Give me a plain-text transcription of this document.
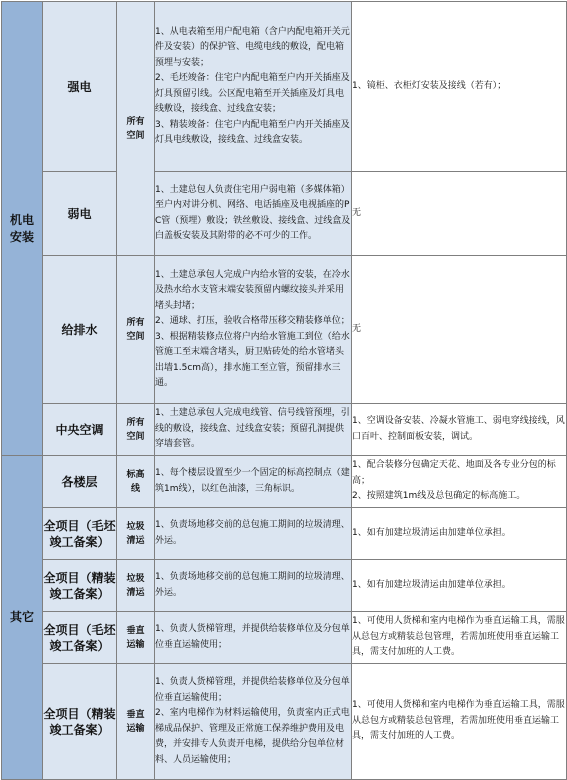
机电安装	强电	所有空间	1、从电表箱至用户配电箱（含户内配电箱开关元件及安装）的保护管、电缆电线的敷设，配电箱预埋与安装；
2、毛坯竣备：住宅户内配电箱至户内开关插座及灯具预留引线。公区配电箱至开关插座及灯具电线敷设，接线盒、过线盒安装；
3、精装竣备：住宅户内配电箱至户内开关插座及灯具电线敷设，接线盒、过线盒安装。	1、镜柜、衣柜灯安装及接线（若有）；
	弱电		1、土建总包人负责住宅用户弱电箱（多媒体箱）至户内对讲分机、网络、电话插座及电视插座的PC管（预埋）敷设；铁丝敷设、接线盒、过线盒及白盖板安装及其附带的必不可少的工作。	无
	给排水	所有空间	1、土建总承包人完成户内给水管的安装，在冷水及热水给水支管末端安装预留内螺纹接头并采用堵头封堵；
2、通球、打压，验收合格带压移交精装修单位；
3、根据精装修点位将户内给水管施工到位（给水管施工至末端含堵头，厨卫贴砖处的给水管堵头出墙1.5cm高），排水施工至立管，预留排水三通。	无
	中央空调	所有空间	1、土建总承包人完成电线管、信号线管预埋，引线的敷设，接线盒、过线盒安装；预留孔洞提供穿墙套管。	1、空调设备安装、冷凝水管施工、弱电穿线接线，风口百叶、控制面板安装，调试。

其它	各楼层	标高线	1、每个楼层设置至少一个固定的标高控制点（建筑1m线），以红色油漆，三角标识。	1、配合装修分包确定天花、地面及各专业分包的标高；
2、按照建筑1m线及总包确定的标高施工。

	全项目（毛坯竣工备案）	垃圾清运	1、负责场地移交前的总包施工期间的垃圾清理、外运。	1、如有加建垃圾清运由加建单位承担。
	全项目（精装竣工备案）	垃圾清运	1、负责场地移交前的总包施工期间的垃圾清理、外运。	1、如有加建垃圾清运由加建单位承担。
	全项目（毛坯竣工备案）	垂直运输	1、负责人货梯管理，并提供给装修单位及分包单位垂直运输使用；	1、可使用人货梯和室内电梯作为垂直运输工具，需服从总包方或精装总包管理，若需加班使用垂直运输工具，需支付加班的人工费。
	全项目（精装竣工备案）	垂直运输	1、负责人货梯管理，并提供给装修单位及分包单位垂直运输使用；
2、室内电梯作为材料运输使用，负责室内正式电梯成品保护、管理及正常施工保养维护费用及电费，并安排专人负责开电梯，提供给分包单位材料、人员运输使用；	1、可使用人货梯和室内电梯作为垂直运输工具，需服从总包方或精装总包管理，若需加班使用垂直运输工具，需支付加班的人工费。
